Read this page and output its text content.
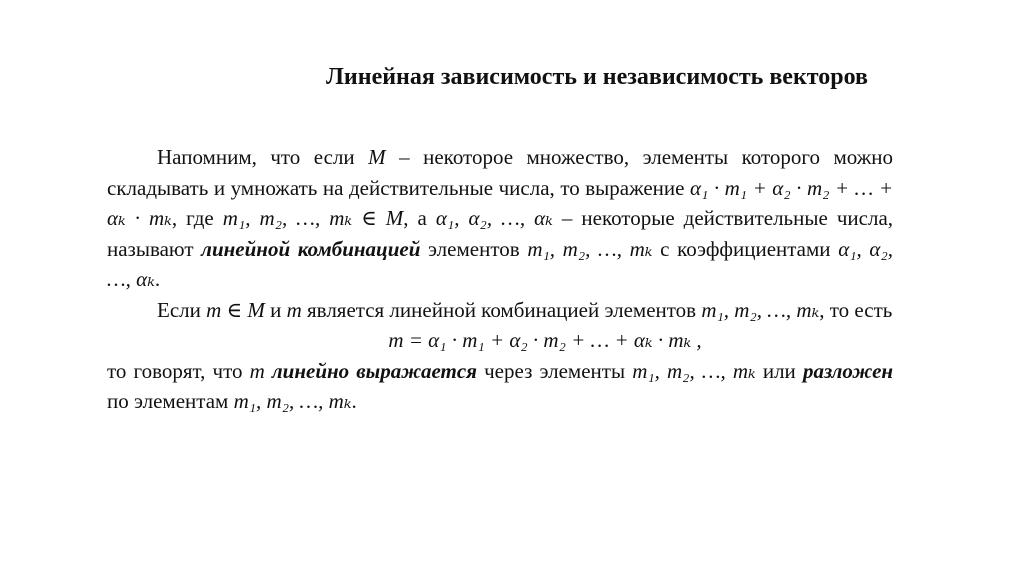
Линейная зависимость и независимость векторов

Напомним, что если M – некоторое множество, элементы которого можно складывать и умножать на действительные числа, то выражение α₁ · m₁ + α₂ · m₂ + … + αₖ · mₖ, где m₁, m₂, …, mₖ ∈ M, а α₁, α₂, …, αₖ – некоторые действительные числа, называют линейной комбинацией элементов m₁, m₂, …, mₖ с коэффициентами α₁, α₂, …, αₖ.

Если m ∈ M и m является линейной комбинацией элементов m₁, m₂, …, mₖ, то есть

m = α₁ · m₁ + α₂ · m₂ + … + αₖ · mₖ ,

то говорят, что m линейно выражается через элементы m₁, m₂, …, mₖ или разложен по элементам m₁, m₂, …, mₖ.
